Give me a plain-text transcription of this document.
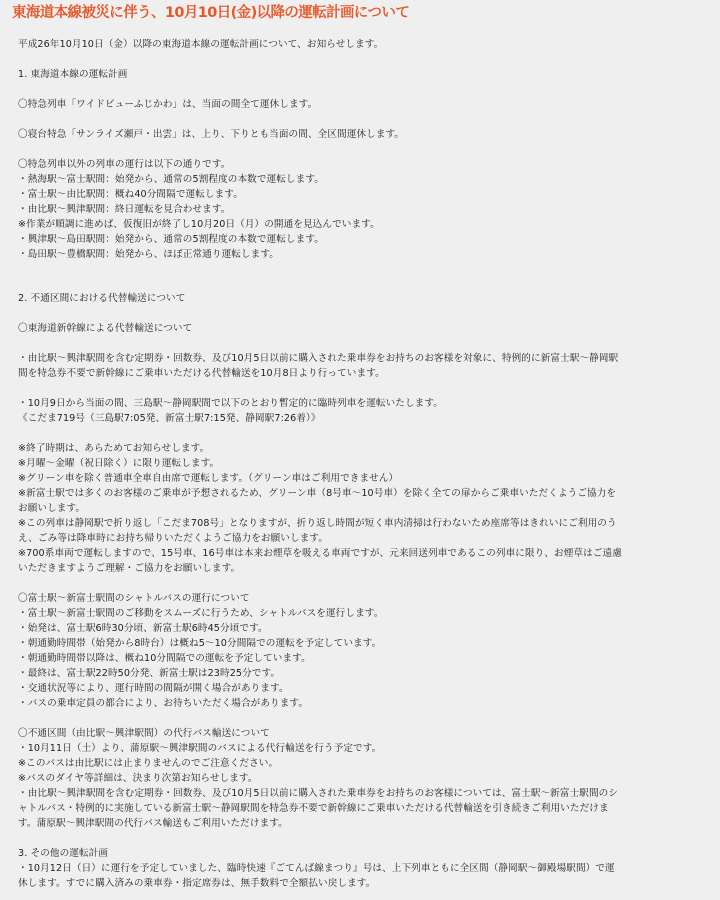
東海道本線被災に伴う、10月10日(金)以降の運転計画について
平成26年10月10日（金）以降の東海道本線の運転計画について、お知らせします。
1. 東海道本線の運転計画
〇特急列車「ワイドビューふじかわ」は、当面の間全て運休します。
〇寝台特急「サンライズ瀬戸・出雲」は、上り、下りとも当面の間、全区間運休します。
〇特急列車以外の列車の運行は以下の通りです。
・熱海駅～富士駅間：始発から、通常の5割程度の本数で運転します。
・富士駅～由比駅間：概ね40分間隔で運転します。
・由比駅～興津駅間：終日運転を見合わせます。
※作業が順調に進めば、仮復旧が終了し10月20日（月）の開通を見込んでいます。
・興津駅～島田駅間：始発から、通常の5割程度の本数で運転します。
・島田駅～豊橋駅間：始発から、ほぼ正常通り運転します。
2. 不通区間における代替輸送について
〇東海道新幹線による代替輸送について
・由比駅～興津駅間を含む定期券・回数券、及び10月5日以前に購入された乗車券をお持ちのお客様を対象に、特例的に新富士駅～静岡駅
間を特急券不要で新幹線にご乗車いただける代替輸送を10月8日より行っています。
・10月9日から当面の間、三島駅～静岡駅間で以下のとおり暫定的に臨時列車を運転いたします。
《こだま719号（三島駅7:05発、新富士駅7:15発、静岡駅7:26着）》
※終了時期は、あらためてお知らせします。
※月曜～金曜（祝日除く）に限り運転します。
※グリーン車を除く普通車全車自由席で運転します。（グリーン車はご利用できません）
※新富士駅では多くのお客様のご乗車が予想されるため、グリーン車（8号車～10号車）を除く全ての扉からご乗車いただくようご協力を
お願いします。
※この列車は静岡駅で折り返し「こだま708号」となりますが、折り返し時間が短く車内清掃は行わないため座席等はきれいにご利用のう
え、ごみ等は降車時にお持ち帰りいただくようご協力をお願いします。
※700系車両で運転しますので、15号車、16号車は本来お煙草を吸える車両ですが、元来回送列車であるこの列車に限り、お煙草はご遠慮
いただきますようご理解・ご協力をお願いします。
〇富士駅～新富士駅間のシャトルバスの運行について
・富士駅～新富士駅間のご移動をスムーズに行うため、シャトルバスを運行します。
・始発は、富士駅6時30分頃、新富士駅6時45分頃です。
・朝通勤時間帯（始発から8時台）は概ね5～10分間隔での運転を予定しています。
・朝通勤時間帯以降は、概ね10分間隔での運転を予定しています。
・最終は、富士駅22時50分発、新富士駅は23時25分です。
・交通状況等により、運行時間の間隔が開く場合があります。
・バスの乗車定員の都合により、お待ちいただく場合があります。
〇不通区間（由比駅～興津駅間）の代行バス輸送について
・10月11日（土）より、蒲原駅～興津駅間のバスによる代行輸送を行う予定です。
※このバスは由比駅には止まりませんのでご注意ください。
※バスのダイヤ等詳細は、決まり次第お知らせします。
・由比駅～興津駅間を含む定期券・回数券、及び10月5日以前に購入された乗車券をお持ちのお客様については、富士駅～新富士駅間のシ
ャトルバス・特例的に実施している新富士駅～静岡駅間を特急券不要で新幹線にご乗車いただける代替輸送を引き続きご利用いただけま
す。蒲原駅～興津駅間の代行バス輸送もご利用いただけます。
3. その他の運転計画
・10月12日（日）に運行を予定していました、臨時快速『ごてんば線まつり』号は、上下列車ともに全区間（静岡駅～御殿場駅間）で運
休します。すでに購入済みの乗車券・指定席券は、無手数料で全額払い戻します。
